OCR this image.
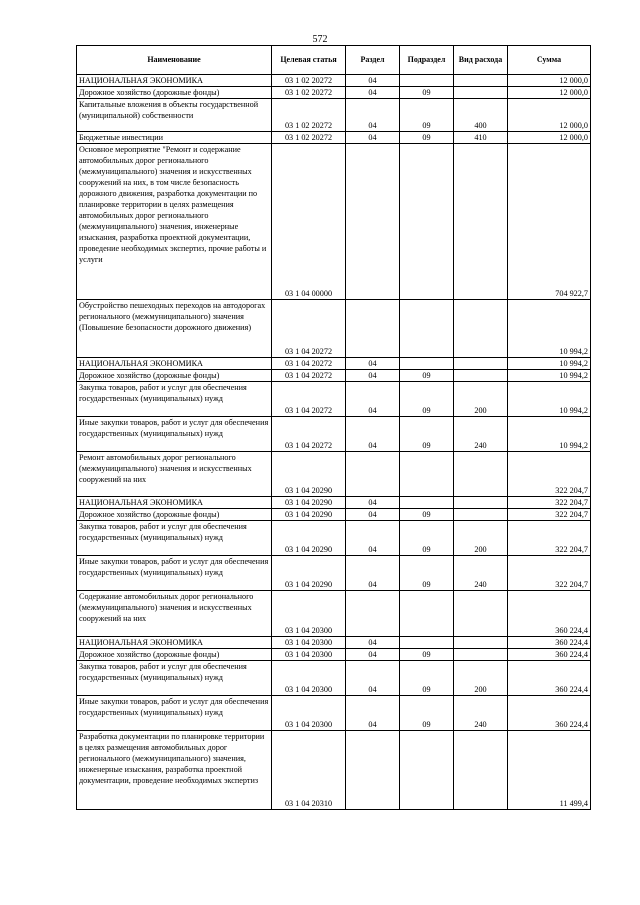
572
Наименование	Целевая статья	Раздел	Подраздел	Вид расхода	Сумма
НАЦИОНАЛЬНАЯ ЭКОНОМИКА	03 1 02 20272	04			12 000,0
Дорожное хозяйство (дорожные фонды)	03 1 02 20272	04	09		12 000,0
Капитальные вложения в объекты государственной (муниципальной) собственности	03 1 02 20272	04	09	400	12 000,0
Бюджетные инвестиции	03 1 02 20272	04	09	410	12 000,0
Основное мероприятие "Ремонт и содержание автомобильных дорог регионального (межмуниципального) значения и искусственных сооружений на них, в том числе безопасность дорожного движения, разработка документации по планировке территории в целях размещения автомобильных дорог регионального (межмуниципального) значения, инженерные изыскания, разработка проектной документации, проведение необходимых экспертиз, прочие работы и услуги	03 1 04 00000				704 922,7
Обустройство пешеходных переходов на автодорогах регионального (межмуниципального) значения (Повышение безопасности дорожного движения)	03 1 04 20272				10 994,2
НАЦИОНАЛЬНАЯ ЭКОНОМИКА	03 1 04 20272	04			10 994,2
Дорожное хозяйство (дорожные фонды)	03 1 04 20272	04	09		10 994,2
Закупка товаров, работ и услуг для обеспечения государственных (муниципальных) нужд	03 1 04 20272	04	09	200	10 994,2
Иные закупки товаров, работ и услуг для обеспечения государственных (муниципальных) нужд	03 1 04 20272	04	09	240	10 994,2
Ремонт автомобильных дорог регионального (межмуниципального) значения и искусственных сооружений на них	03 1 04 20290				322 204,7
НАЦИОНАЛЬНАЯ ЭКОНОМИКА	03 1 04 20290	04			322 204,7
Дорожное хозяйство (дорожные фонды)	03 1 04 20290	04	09		322 204,7
Закупка товаров, работ и услуг для обеспечения государственных (муниципальных) нужд	03 1 04 20290	04	09	200	322 204,7
Иные закупки товаров, работ и услуг для обеспечения государственных (муниципальных) нужд	03 1 04 20290	04	09	240	322 204,7
Содержание автомобильных дорог регионального (межмуниципального) значения и искусственных сооружений на них	03 1 04 20300				360 224,4
НАЦИОНАЛЬНАЯ ЭКОНОМИКА	03 1 04 20300	04			360 224,4
Дорожное хозяйство (дорожные фонды)	03 1 04 20300	04	09		360 224,4
Закупка товаров, работ и услуг для обеспечения государственных (муниципальных) нужд	03 1 04 20300	04	09	200	360 224,4
Иные закупки товаров, работ и услуг для обеспечения государственных (муниципальных) нужд	03 1 04 20300	04	09	240	360 224,4
Разработка документации по планировке территории в целях размещения автомобильных дорог регионального (межмуниципального) значения, инженерные изыскания, разработка проектной документации, проведение необходимых экспертиз	03 1 04 20310				11 499,4
